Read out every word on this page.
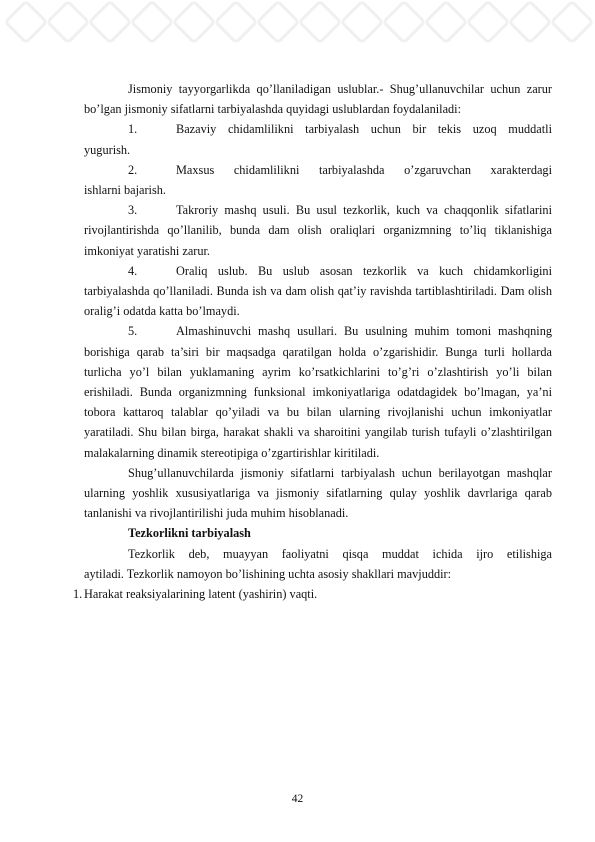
Jismoniy tayyorgarlikda qo’llaniladigan uslublar.- Shug’ullanuvchilar uchun zarur bo’lgan jismoniy sifatlarni tarbiyalashda quyidagi uslublardan foydalaniladi:

1.	Bazaviy chidamlilikni tarbiyalash uchun bir tekis uzoq muddatli

yugurish.

2.	Maxsus chidamlilikni tarbiyalashda o’zgaruvchan xarakterdagi

ishlarni bajarish.

3.	Takroriy mashq usuli. Bu usul tezkorlik, kuch va chaqqonlik sifatlarini rivojlantirishda qo’llanilib, bunda dam olish oraliqlari organizmning to’liq tiklanishiga imkoniyat yaratishi zarur.

4.	Oraliq uslub. Bu uslub asosan tezkorlik va kuch chidamkorligini tarbiyalashda qo’llaniladi. Bunda ish va dam olish qat’iy ravishda tartiblashtiriladi. Dam olish oralig’i odatda katta bo’lmaydi.

5.	Almashinuvchi mashq usullari. Bu usulning muhim tomoni mashqning borishiga qarab ta’siri bir maqsadga qaratilgan holda o’zgarishidir. Bunga turli hollarda turlicha yo’l bilan yuklamaning ayrim ko’rsatkichlarini to’g’ri o’zlashtirish yo’li bilan erishiladi. Bunda organizmning funksional imkoniyatlariga odatdagidek bo’lmagan, ya’ni tobora kattaroq talablar qo’yiladi va bu bilan ularning rivojlanishi uchun imkoniyatlar yaratiladi. Shu bilan birga, harakat shakli va sharoitini yangilab turish tufayli o’zlashtirilgan malakalarning dinamik stereotipiga o’zgartirishlar kiritiladi.

Shug’ullanuvchilarda jismoniy sifatlarni tarbiyalash uchun berilayotgan mashqlar ularning yoshlik xususiyatlariga va jismoniy sifatlarning qulay yoshlik davrlariga qarab tanlanishi va rivojlantirilishi juda muhim hisoblanadi.

Tezkorlikni tarbiyalash

Tezkorlik deb, muayyan faoliyatni qisqa muddat ichida ijro etilishiga

aytiladi. Tezkorlik namoyon bo’lishining uchta asosiy shakllari mavjuddir:

1. Harakat reaksiyalarining latent (yashirin) vaqti.

42
